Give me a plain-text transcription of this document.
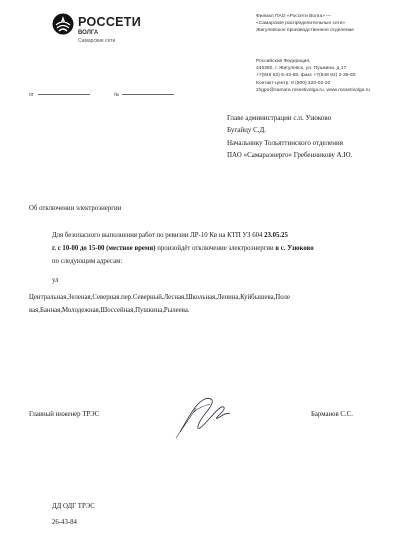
РОССЕТИ
ВОЛГА
Самарские сети
Филиал ПАО «Россети Волга» —
«Самарские распределительные сети»
Жигулевское производственное отделение
Российская Федерация,
445350, г. Жигулевск, ул. Пушкина, д.17
+7(848 62) 6-43-59, факс +7(848 62) 2-39-50
Контакт-центр: 8 (800) 220-02-20
zhgpo@samara.rossetivolga.ru, www.rossetivolga.ru
от	№
Главе администрации с.п. Узюково
Бугайцу С.Д.
Начальнику Тольяттинского отделения
ПАО «Самараэнерго» Гребенникову А.Ю.
Об отключении электроэнергии
Для безопасного выполнения работ по ревизии ЛР-10 Кв на КТП УЗ 604 23.05.25
г. с 10-00 до 15-00 (местное время) произойдёт отключение электроэнергии в с. Узюково
по следующим адресам:
ул
Центральная,Зеленая,Северная.пер.Северный,Лесная,Школьная,Ленина,Куйбышева,Поле
вая,Банная,Молодежная,Шоссейная,Пушкина,Рылеева.
Главный инженер ТРЭС	Барманов С.С.
ДД ОДГ ТРЭС
26-43-84
